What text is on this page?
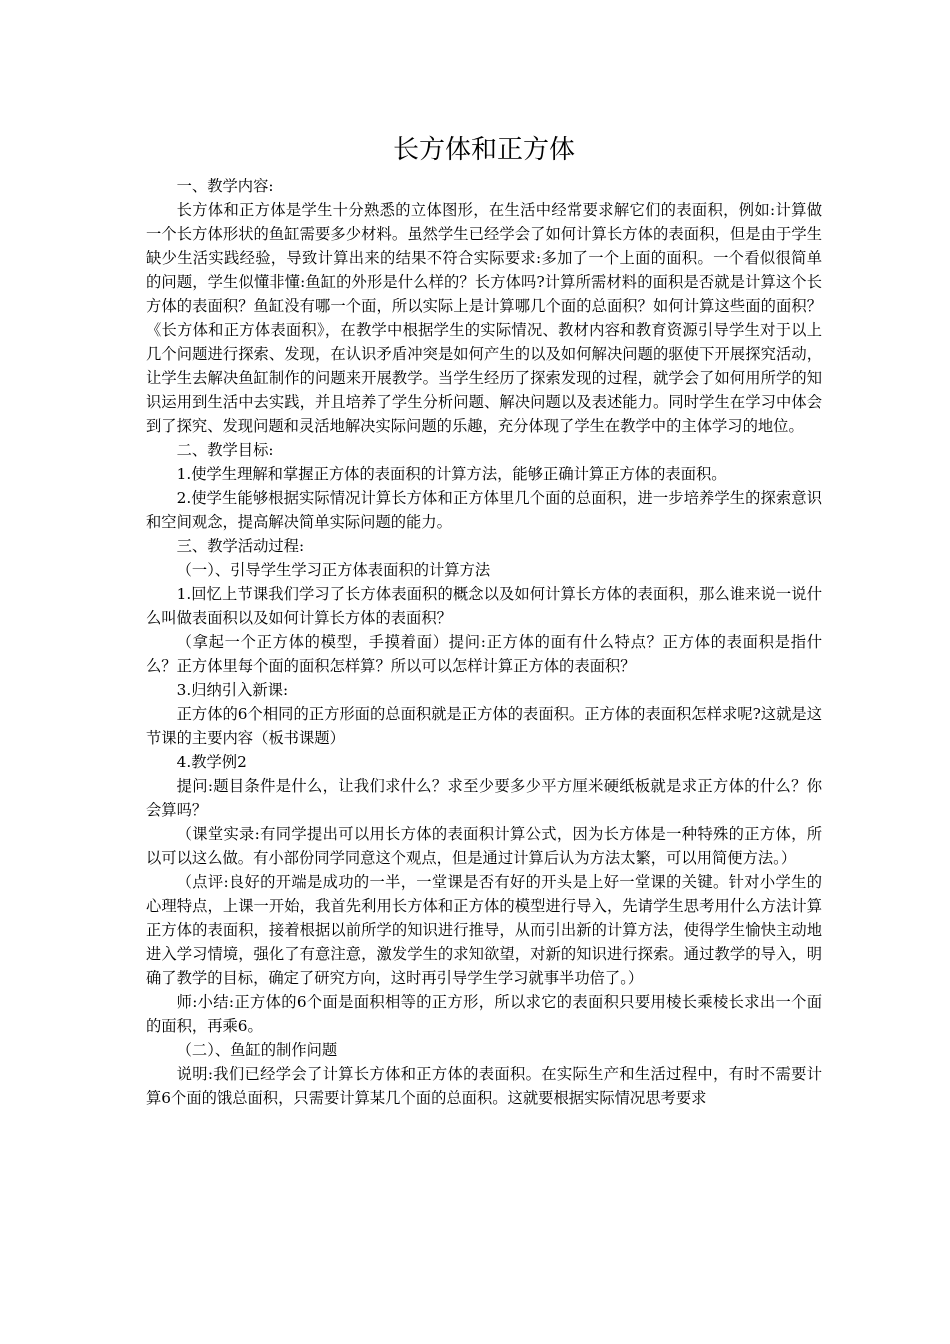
长方体和正方体

一、教学内容:

长方体和正方体是学生十分熟悉的立体图形，在生活中经常要求解它们的表面积，例如:计算做一个长方体形状的鱼缸需要多少材料。虽然学生已经学会了如何计算长方体的表面积，但是由于学生缺少生活实践经验，导致计算出来的结果不符合实际要求:多加了一个上面的面积。一个看似很简单的问题，学生似懂非懂:鱼缸的外形是什么样的？长方体吗?计算所需材料的面积是否就是计算这个长方体的表面积？鱼缸没有哪一个面，所以实际上是计算哪几个面的总面积？如何计算这些面的面积？《长方体和正方体表面积》，在教学中根据学生的实际情况、教材内容和教育资源引导学生对于以上几个问题进行探索、发现，在认识矛盾冲突是如何产生的以及如何解决问题的驱使下开展探究活动，让学生去解决鱼缸制作的问题来开展教学。当学生经历了探索发现的过程，就学会了如何用所学的知识运用到生活中去实践，并且培养了学生分析问题、解决问题以及表述能力。同时学生在学习中体会到了探究、发现问题和灵活地解决实际问题的乐趣，充分体现了学生在教学中的主体学习的地位。

二、教学目标:

1.使学生理解和掌握正方体的表面积的计算方法，能够正确计算正方体的表面积。

2.使学生能够根据实际情况计算长方体和正方体里几个面的总面积，进一步培养学生的探索意识和空间观念，提高解决简单实际问题的能力。

三、教学活动过程:

（一）、引导学生学习正方体表面积的计算方法

1.回忆上节课我们学习了长方体表面积的概念以及如何计算长方体的表面积，那么谁来说一说什么叫做表面积以及如何计算长方体的表面积？

（拿起一个正方体的模型，手摸着面）提问:正方体的面有什么特点？正方体的表面积是指什么？正方体里每个面的面积怎样算？所以可以怎样计算正方体的表面积？

3.归纳引入新课:

正方体的6个相同的正方形面的总面积就是正方体的表面积。正方体的表面积怎样求呢?这就是这节课的主要内容（板书课题）

4.教学例2

提问:题目条件是什么，让我们求什么？求至少要多少平方厘米硬纸板就是求正方体的什么？你会算吗？

（课堂实录:有同学提出可以用长方体的表面积计算公式，因为长方体是一种特殊的正方体，所以可以这么做。有小部份同学同意这个观点，但是通过计算后认为方法太繁，可以用简便方法。）

（点评:良好的开端是成功的一半，一堂课是否有好的开头是上好一堂课的关键。针对小学生的心理特点，上课一开始，我首先利用长方体和正方体的模型进行导入，先请学生思考用什么方法计算正方体的表面积，接着根据以前所学的知识进行推导，从而引出新的计算方法，使得学生愉快主动地进入学习情境，强化了有意注意，激发学生的求知欲望，对新的知识进行探索。通过教学的导入，明确了教学的目标，确定了研究方向，这时再引导学生学习就事半功倍了。）

师:小结:正方体的6个面是面积相等的正方形，所以求它的表面积只要用棱长乘棱长求出一个面的面积，再乘6。

（二）、鱼缸的制作问题

说明:我们已经学会了计算长方体和正方体的表面积。在实际生产和生活过程中，有时不需要计算6个面的饿总面积，只需要计算某几个面的总面积。这就要根据实际情况思考要求
